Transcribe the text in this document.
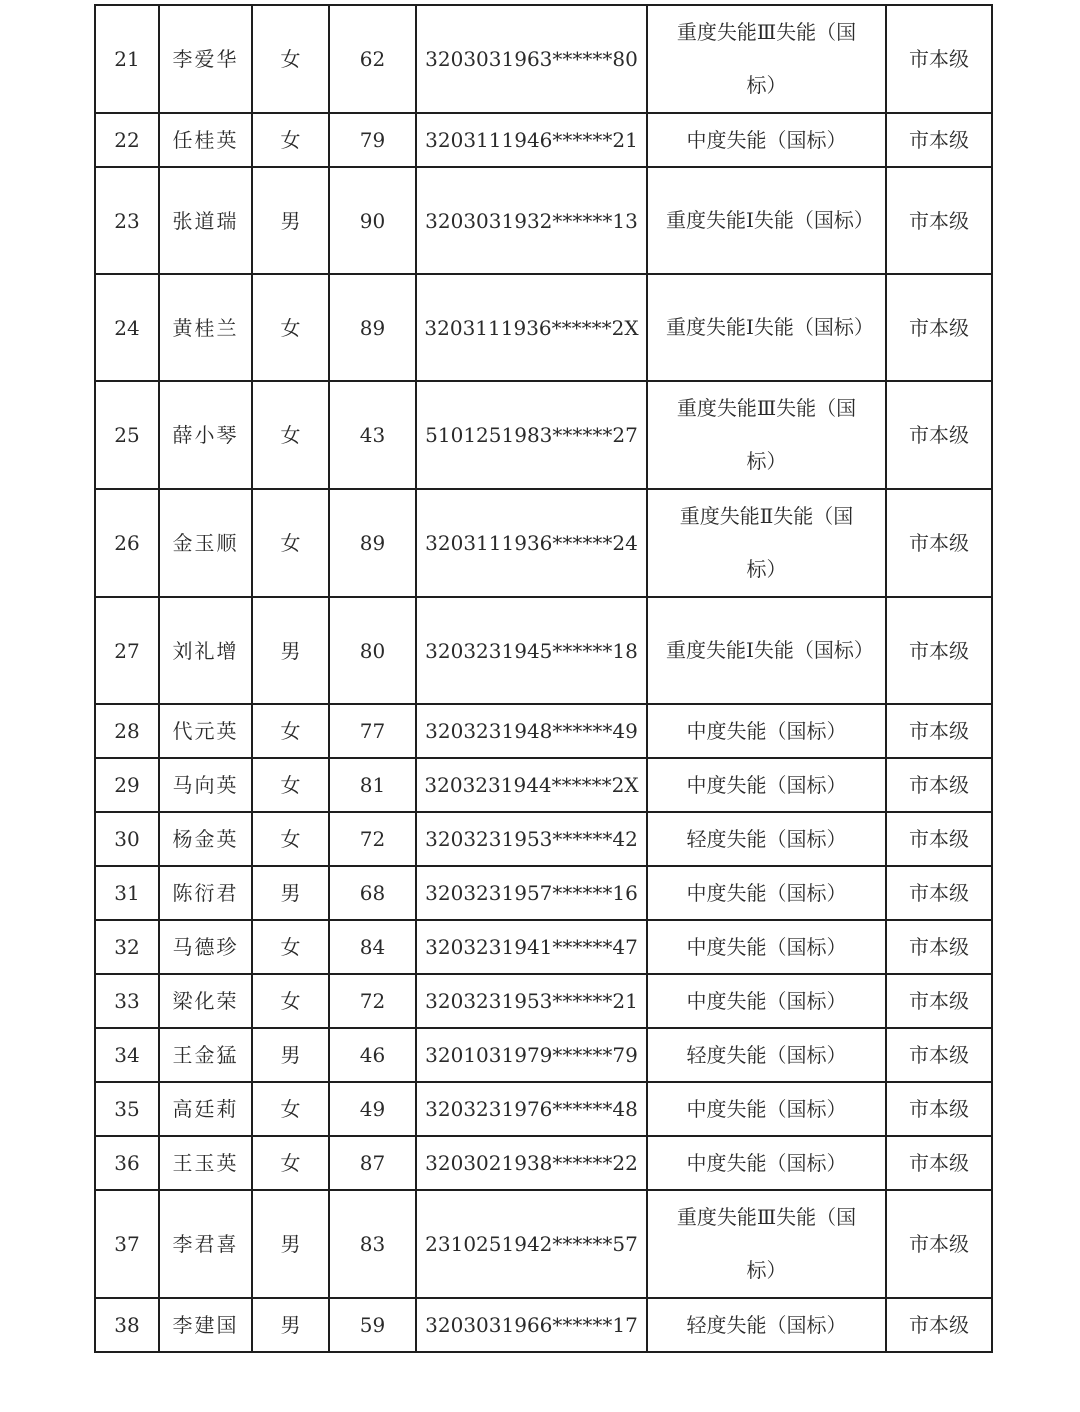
21	李爱华	女	62	3203031963******80	重度失能Ⅲ失能（国标）	市本级
22	任桂英	女	79	3203111946******21	中度失能（国标）	市本级
23	张道瑞	男	90	3203031932******13	重度失能Ⅰ失能（国标）	市本级
24	黄桂兰	女	89	3203111936******2X	重度失能Ⅰ失能（国标）	市本级
25	薛小琴	女	43	5101251983******27	重度失能Ⅲ失能（国标）	市本级
26	金玉顺	女	89	3203111936******24	重度失能Ⅱ失能（国标）	市本级
27	刘礼增	男	80	3203231945******18	重度失能Ⅰ失能（国标）	市本级
28	代元英	女	77	3203231948******49	中度失能（国标）	市本级
29	马向英	女	81	3203231944******2X	中度失能（国标）	市本级
30	杨金英	女	72	3203231953******42	轻度失能（国标）	市本级
31	陈衍君	男	68	3203231957******16	中度失能（国标）	市本级
32	马德珍	女	84	3203231941******47	中度失能（国标）	市本级
33	梁化荣	女	72	3203231953******21	中度失能（国标）	市本级
34	王金猛	男	46	3201031979******79	轻度失能（国标）	市本级
35	高廷莉	女	49	3203231976******48	中度失能（国标）	市本级
36	王玉英	女	87	3203021938******22	中度失能（国标）	市本级
37	李君喜	男	83	2310251942******57	重度失能Ⅲ失能（国标）	市本级
38	李建国	男	59	3203031966******17	轻度失能（国标）	市本级
